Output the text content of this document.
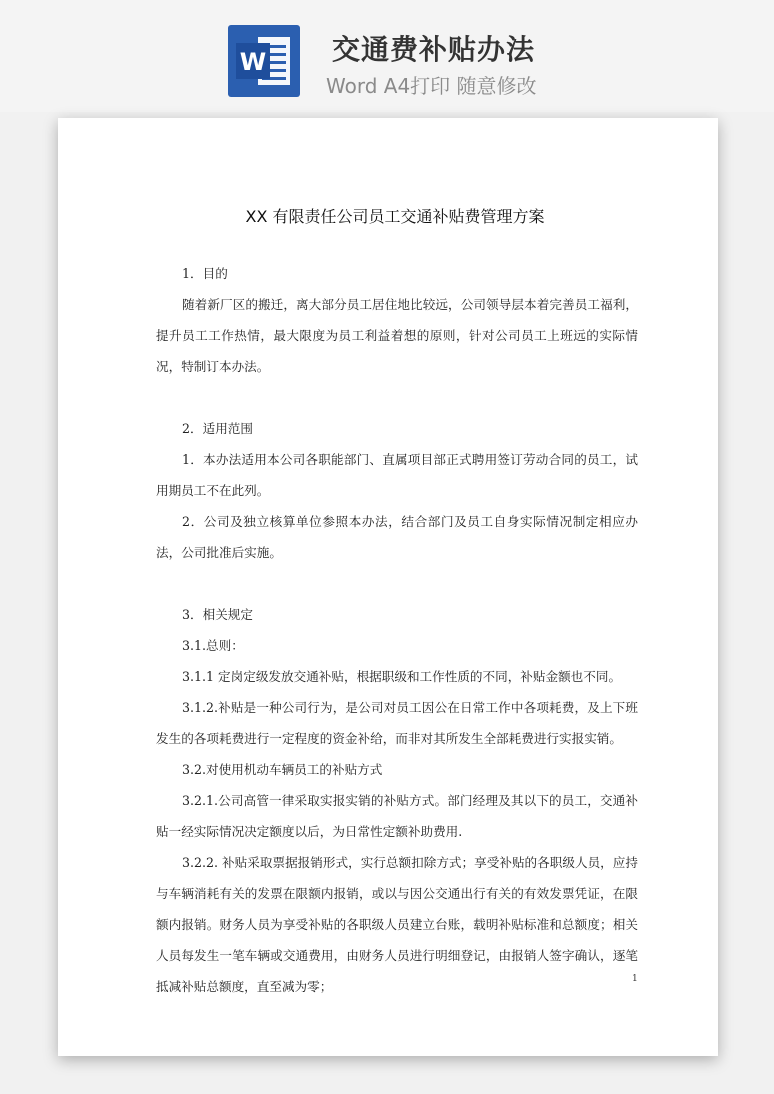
W 交通费补贴办法
Word A4打印 随意修改
XX 有限责任公司员工交通补贴费管理方案

1．目的

随着新厂区的搬迁，离大部分员工居住地比较远，公司领导层本着完善员工福利，提升员工工作热情，最大限度为员工利益着想的原则，针对公司员工上班远的实际情况，特制订本办法。

2．适用范围

1．本办法适用本公司各职能部门、直属项目部正式聘用签订劳动合同的员工，试用期员工不在此列。

2．公司及独立核算单位参照本办法，结合部门及员工自身实际情况制定相应办法，公司批准后实施。

3．相关规定

3.1.总则：

3.1.1 定岗定级发放交通补贴，根据职级和工作性质的不同，补贴金额也不同。

3.1.2.补贴是一种公司行为，是公司对员工因公在日常工作中各项耗费，及上下班发生的各项耗费进行一定程度的资金补给，而非对其所发生全部耗费进行实报实销。

3.2.对使用机动车辆员工的补贴方式

3.2.1.公司高管一律采取实报实销的补贴方式。部门经理及其以下的员工，交通补贴一经实际情况决定额度以后，为日常性定额补助费用.

3.2.2. 补贴采取票据报销形式，实行总额扣除方式；享受补贴的各职级人员，应持与车辆消耗有关的发票在限额内报销，或以与因公交通出行有关的有效发票凭证，在限额内报销。财务人员为享受补贴的各职级人员建立台账，载明补贴标准和总额度；相关人员每发生一笔车辆或交通费用，由财务人员进行明细登记，由报销人签字确认，逐笔抵减补贴总额度，直至减为零；	1
